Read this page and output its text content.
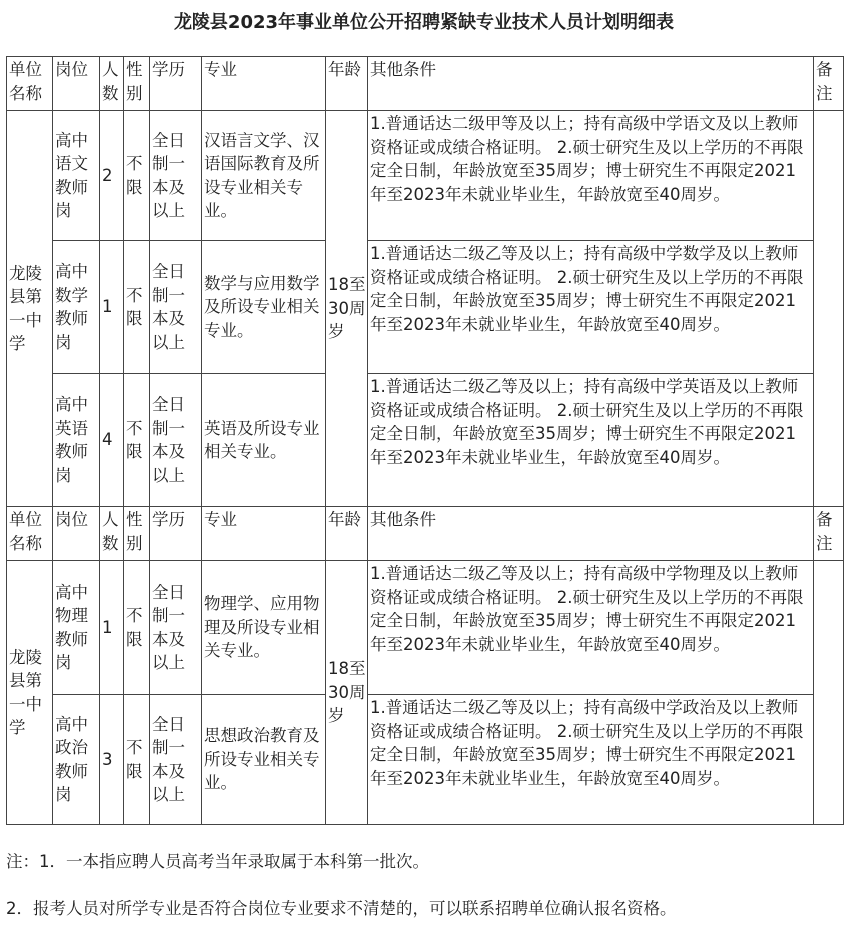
龙陵县2023年事业单位公开招聘紧缺专业技术人员计划明细表
单位名称	岗位	人数	性别	学历	专业	年龄	其他条件	备注
龙陵县第一中学	高中语文教师岗	2	不限	全日制一本及以上	汉语言文学、汉语国际教育及所设专业相关专业。	18至30周岁	1.普通话达二级甲等及以上；持有高级中学语文及以上教师资格证或成绩合格证明。 2.硕士研究生及以上学历的不再限定全日制，年龄放宽至35周岁；博士研究生不再限定2021年至2023年未就业毕业生，年龄放宽至40周岁。	
	高中数学教师岗	1	不限	全日制一本及以上	数学与应用数学及所设专业相关专业。		1.普通话达二级乙等及以上；持有高级中学数学及以上教师资格证或成绩合格证明。 2.硕士研究生及以上学历的不再限定全日制，年龄放宽至35周岁；博士研究生不再限定2021年至2023年未就业毕业生，年龄放宽至40周岁。	
	高中英语教师岗	4	不限	全日制一本及以上	英语及所设专业相关专业。		1.普通话达二级乙等及以上；持有高级中学英语及以上教师资格证或成绩合格证明。 2.硕士研究生及以上学历的不再限定全日制，年龄放宽至35周岁；博士研究生不再限定2021年至2023年未就业毕业生，年龄放宽至40周岁。	
单位名称	岗位	人数	性别	学历	专业	年龄	其他条件	备注
龙陵县第一中学	高中物理教师岗	1	不限	全日制一本及以上	物理学、应用物理及所设专业相关专业。	18至30周岁	1.普通话达二级乙等及以上；持有高级中学物理及以上教师资格证或成绩合格证明。 2.硕士研究生及以上学历的不再限定全日制，年龄放宽至35周岁；博士研究生不再限定2021年至2023年未就业毕业生，年龄放宽至40周岁。	
	高中政治教师岗	3	不限	全日制一本及以上	思想政治教育及所设专业相关专业。		1.普通话达二级乙等及以上；持有高级中学政治及以上教师资格证或成绩合格证明。 2.硕士研究生及以上学历的不再限定全日制，年龄放宽至35周岁；博士研究生不再限定2021年至2023年未就业毕业生，年龄放宽至40周岁。	
注：1．一本指应聘人员高考当年录取属于本科第一批次。
2．报考人员对所学专业是否符合岗位专业要求不清楚的，可以联系招聘单位确认报名资格。
